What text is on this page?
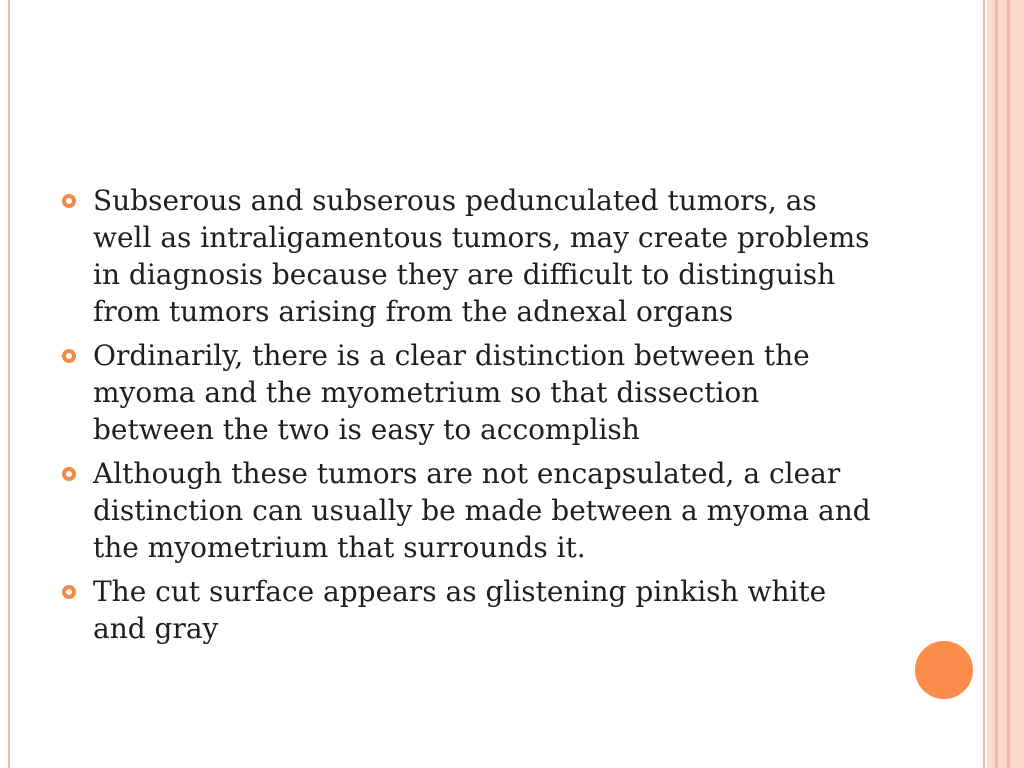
Subserous and subserous pedunculated tumors, as well as intraligamentous tumors, may create problems in diagnosis because they are difficult to distinguish from tumors arising from the adnexal organs
Ordinarily, there is a clear distinction between the myoma and the myometrium so that dissection between the two is easy to accomplish
Although these tumors are not encapsulated, a clear distinction can usually be made between a myoma and the myometrium that surrounds it.
The cut surface appears as glistening pinkish white and gray
